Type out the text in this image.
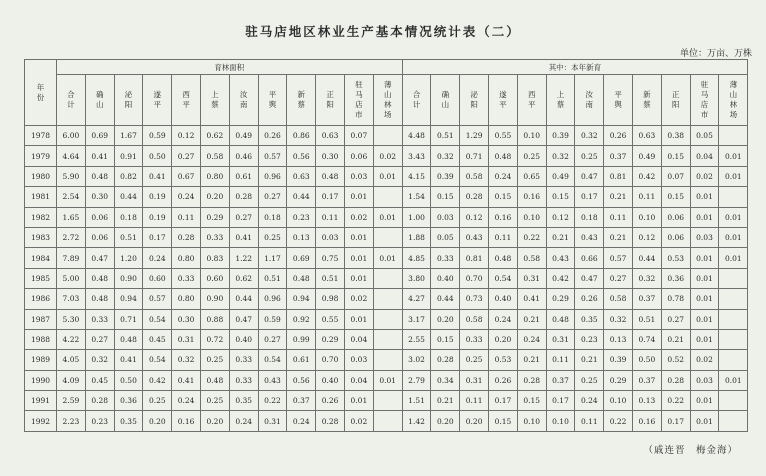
驻马店地区林业生产基本情况统计表（二）
单位：万亩、万株
年份	育林面积												其中：本年新育											
	合计	确山	泌阳	遂平	西平	上蔡	汝南	平舆	新蔡	正阳	驻马店市	薄山林场	合计	确山	泌阳	遂平	西平	上蔡	汝南	平舆	新蔡	正阳	驻马店市	薄山林场
1978	6.00	0.69	1.67	0.59	0.12	0.62	0.49	0.26	0.86	0.63	0.07		4.48	0.51	1.29	0.55	0.10	0.39	0.32	0.26	0.63	0.38	0.05	
1979	4.64	0.41	0.91	0.50	0.27	0.58	0.46	0.57	0.56	0.30	0.06	0.02	3.43	0.32	0.71	0.48	0.25	0.32	0.25	0.37	0.49	0.15	0.04	0.01
1980	5.90	0.48	0.82	0.41	0.67	0.80	0.61	0.96	0.63	0.48	0.03	0.01	4.15	0.39	0.58	0.24	0.65	0.49	0.47	0.81	0.42	0.07	0.02	0.01
1981	2.54	0.30	0.44	0.19	0.24	0.20	0.28	0.27	0.44	0.17	0.01		1.54	0.15	0.28	0.15	0.16	0.15	0.17	0.21	0.11	0.15	0.01	
1982	1.65	0.06	0.18	0.19	0.11	0.29	0.27	0.18	0.23	0.11	0.02	0.01	1.00	0.03	0.12	0.16	0.10	0.12	0.18	0.11	0.10	0.06	0.01	0.01
1983	2.72	0.06	0.51	0.17	0.28	0.33	0.41	0.25	0.13	0.03	0.01		1.88	0.05	0.43	0.11	0.22	0.21	0.43	0.21	0.12	0.06	0.03	0.01
1984	7.89	0.47	1.20	0.24	0.80	0.83	1.22	1.17	0.69	0.75	0.01	0.01	4.85	0.33	0.81	0.48	0.58	0.43	0.66	0.57	0.44	0.53	0.01	0.01
1985	5.00	0.48	0.90	0.60	0.33	0.60	0.62	0.51	0.48	0.51	0.01		3.80	0.40	0.70	0.54	0.31	0.42	0.47	0.27	0.32	0.36	0.01	
1986	7.03	0.48	0.94	0.57	0.80	0.90	0.44	0.96	0.94	0.98	0.02		4.27	0.44	0.73	0.40	0.41	0.29	0.26	0.58	0.37	0.78	0.01	
1987	5.30	0.33	0.71	0.54	0.30	0.88	0.47	0.59	0.92	0.55	0.01		3.17	0.20	0.58	0.24	0.21	0.48	0.35	0.32	0.51	0.27	0.01	
1988	4.22	0.27	0.48	0.45	0.31	0.72	0.40	0.27	0.99	0.29	0.04		2.55	0.15	0.33	0.20	0.24	0.31	0.23	0.13	0.74	0.21	0.01	
1989	4.05	0.32	0.41	0.54	0.32	0.25	0.33	0.54	0.61	0.70	0.03		3.02	0.28	0.25	0.53	0.21	0.11	0.21	0.39	0.50	0.52	0.02	
1990	4.09	0.45	0.50	0.42	0.41	0.48	0.33	0.43	0.56	0.40	0.04	0.01	2.79	0.34	0.31	0.26	0.28	0.37	0.25	0.29	0.37	0.28	0.03	0.01
1991	2.59	0.28	0.36	0.25	0.24	0.25	0.35	0.22	0.37	0.26	0.01		1.51	0.21	0.11	0.17	0.15	0.17	0.24	0.10	0.13	0.22	0.01	
1992	2.23	0.23	0.35	0.20	0.16	0.20	0.24	0.31	0.24	0.28	0.02		1.42	0.20	0.20	0.15	0.10	0.10	0.11	0.22	0.16	0.17	0.01	
（戚连晋　梅金海）
